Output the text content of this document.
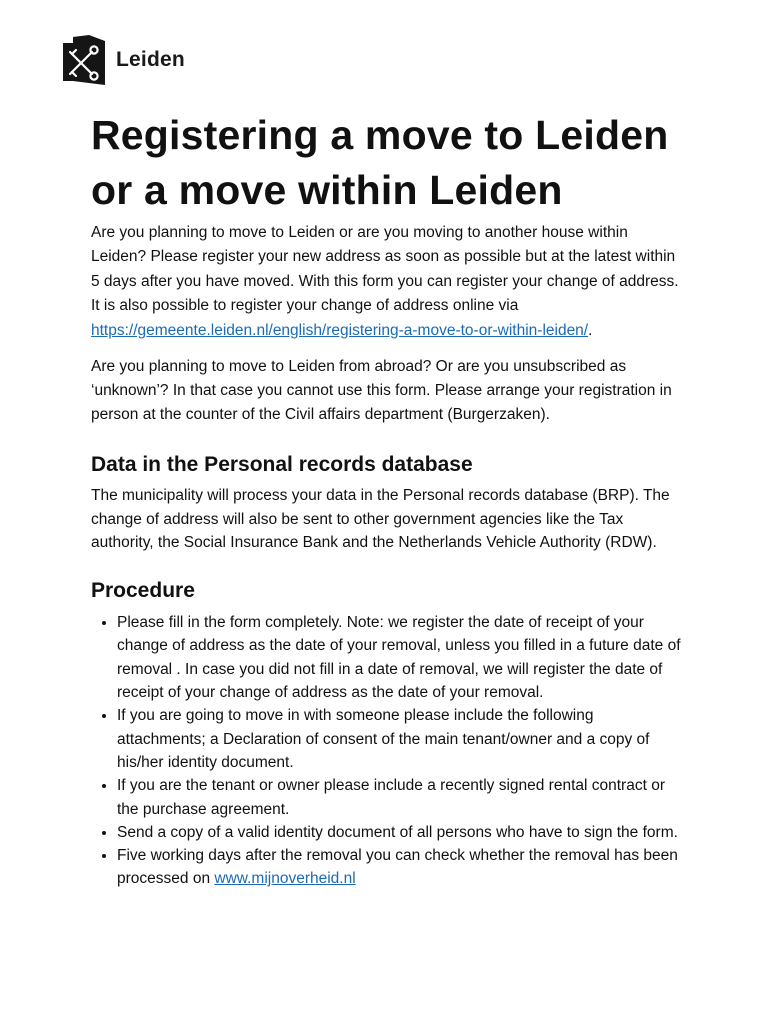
Leiden
Registering a move to Leiden or a move within Leiden

Are you planning to move to Leiden or are you moving to another house within Leiden? Please register your new address as soon as possible but at the latest within 5 days after you have moved. With this form you can register your change of address. It is also possible to register your change of address online via https://gemeente.leiden.nl/english/registering-a-move-to-or-within-leiden/.

Are you planning to move to Leiden from abroad? Or are you unsubscribed as ‘unknown’? In that case you cannot use this form. Please arrange your registration in person at the counter of the Civil affairs department (Burgerzaken).

Data in the Personal records database

The municipality will process your data in the Personal records database (BRP). The change of address will also be sent to other government agencies like the Tax authority, the Social Insurance Bank and the Netherlands Vehicle Authority (RDW).

Procedure
• Please fill in the form completely. Note: we register the date of receipt of your change of address as the date of your removal, unless you filled in a future date of removal . In case you did not fill in a date of removal, we will register the date of receipt of your change of address as the date of your removal.
• If you are going to move in with someone please include the following attachments; a Declaration of consent of the main tenant/owner and a copy of his/her identity document.
• If you are the tenant or owner please include a recently signed rental contract or the purchase agreement.
• Send a copy of a valid identity document of all persons who have to sign the form.
• Five working days after the removal you can check whether the removal has been processed on www.mijnoverheid.nl
